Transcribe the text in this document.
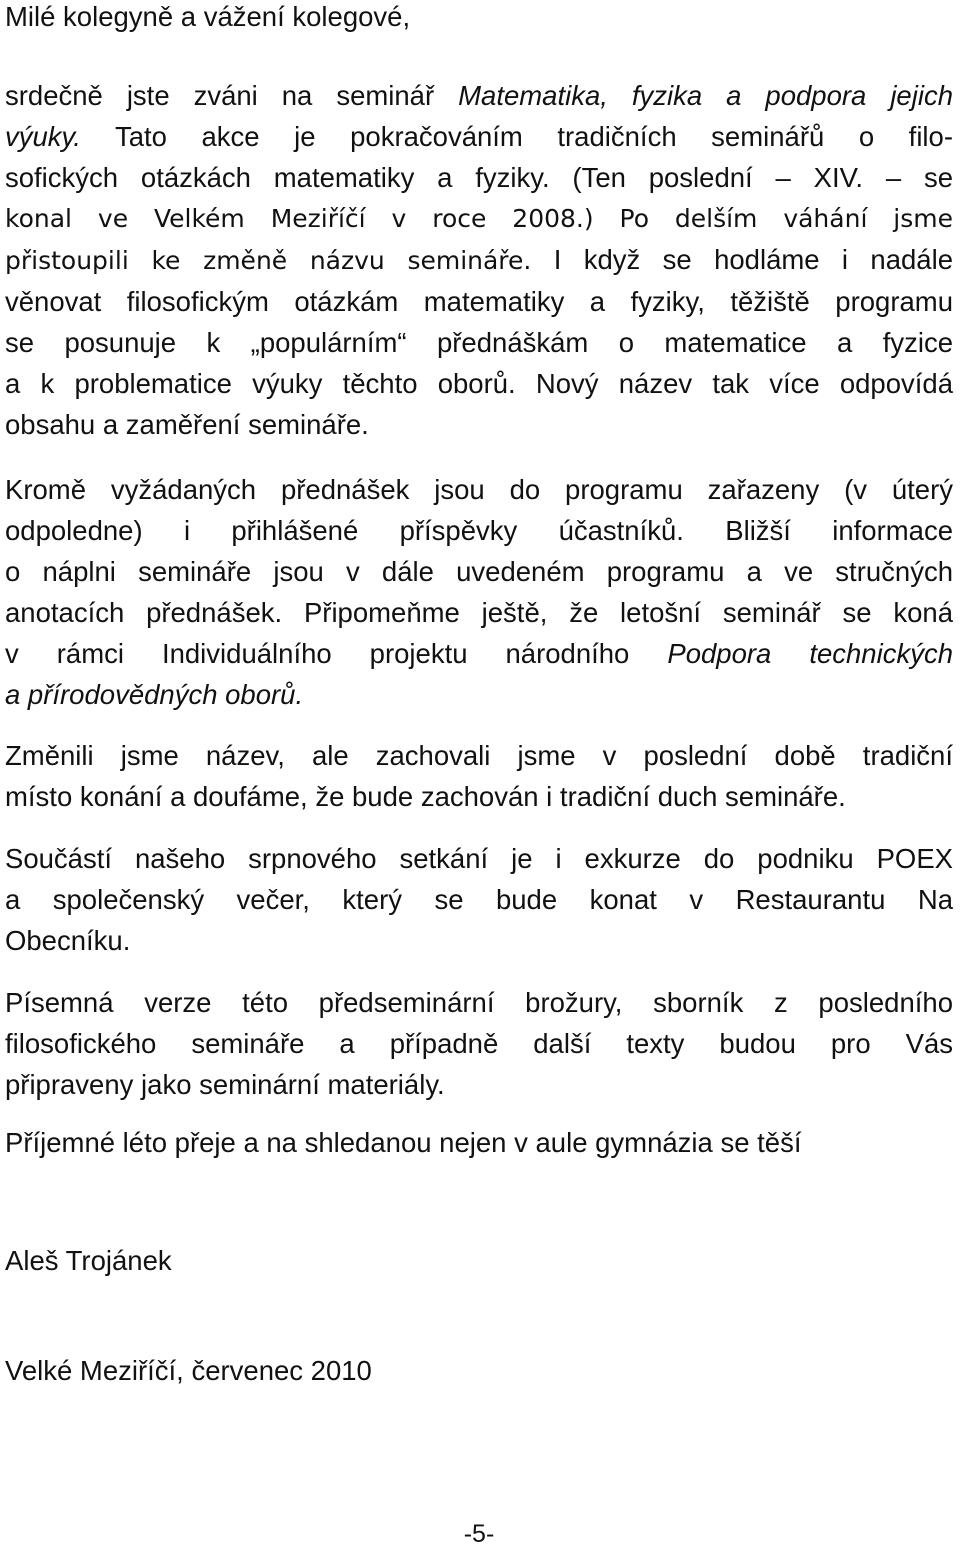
Milé kolegyně a vážení kolegové,

srdečně jste zváni na seminář Matematika, fyzika a podpora jejich
výuky. Tato akce je pokračováním tradičních seminářů o filo-
sofických otázkách matematiky a fyziky. (Ten poslední – XIV. – se
konal ve Velkém Meziříčí v roce 2008.) Po delším váhání jsme
přistoupili ke změně názvu semináře. I když se hodláme i nadále
věnovat filosofickým otázkám matematiky a fyziky, těžiště programu
se posunuje k „populárním“ přednáškám o matematice a fyzice
a k problematice výuky těchto oborů. Nový název tak více odpovídá
obsahu a zaměření semináře.
Kromě vyžádaných přednášek jsou do programu zařazeny (v úterý
odpoledne) i přihlášené příspěvky účastníků. Bližší informace
o náplni semináře jsou v dále uvedeném programu a ve stručných
anotacích přednášek. Připomeňme ještě, že letošní seminář se koná
v rámci Individuálního projektu národního Podpora technických
a přírodovědných oborů.
Změnili jsme název, ale zachovali jsme v poslední době tradiční
místo konání a doufáme, že bude zachován i tradiční duch semináře.
Součástí našeho srpnového setkání je i exkurze do podniku POEX
a společenský večer, který se bude konat v Restaurantu Na
Obecníku.
Písemná verze této předseminární brožury, sborník z posledního
filosofického semináře a případně další texty budou pro Vás
připraveny jako seminární materiály.

Příjemné léto přeje a na shledanou nejen v aule gymnázia se těší

Aleš Trojánek

Velké Meziříčí, červenec 2010

-5-
